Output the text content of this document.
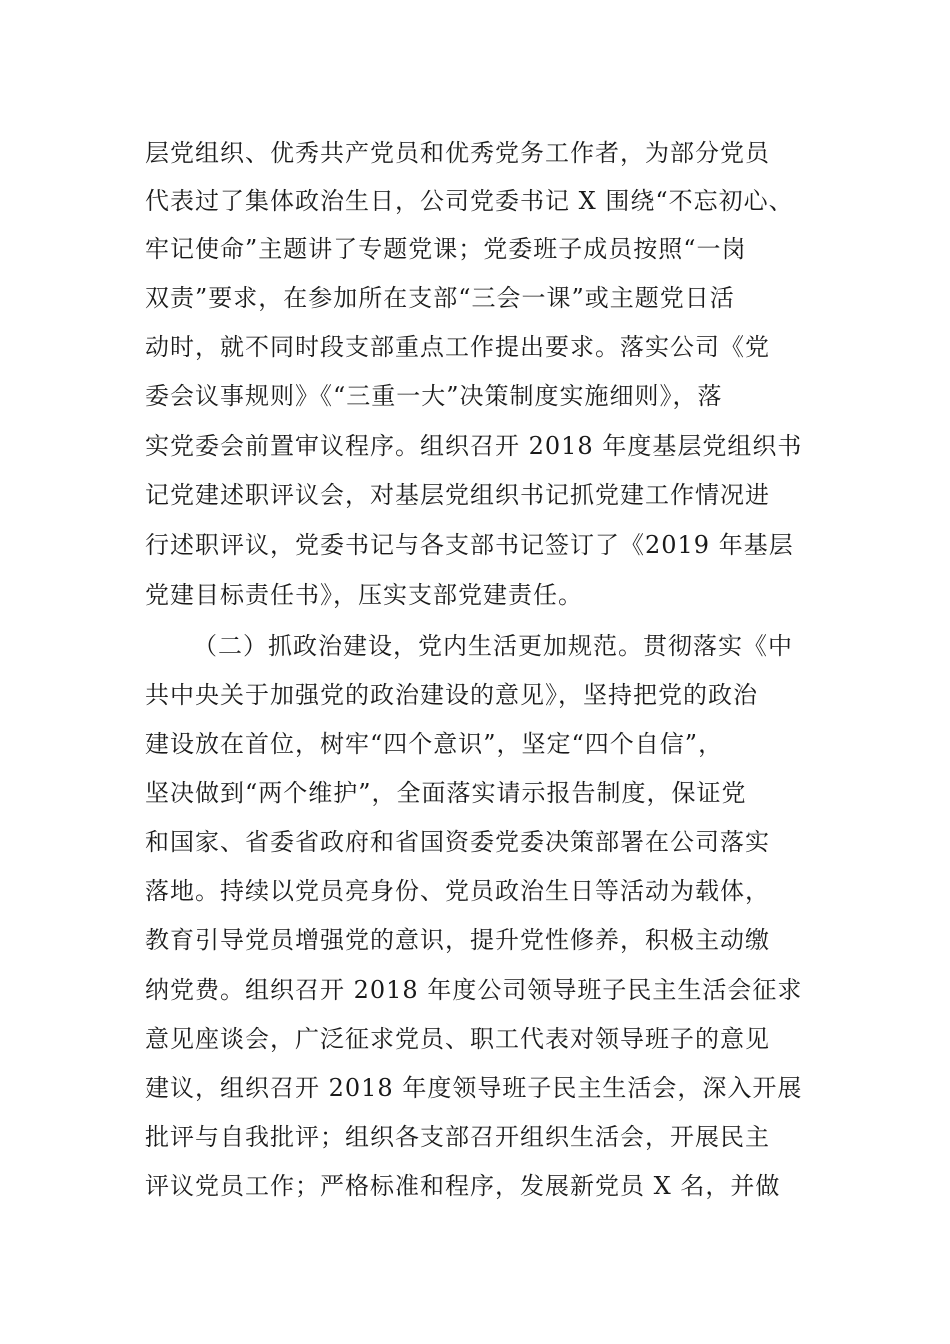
层党组织、优秀共产党员和优秀党务工作者，为部分党员
代表过了集体政治生日，公司党委书记 X 围绕“不忘初心、
牢记使命”主题讲了专题党课；党委班子成员按照“一岗
双责”要求，在参加所在支部“三会一课”或主题党日活
动时，就不同时段支部重点工作提出要求。落实公司《党
委会议事规则》《“三重一大”决策制度实施细则》，落
实党委会前置审议程序。组织召开 2018 年度基层党组织书
记党建述职评议会，对基层党组织书记抓党建工作情况进
行述职评议，党委书记与各支部书记签订了《2019 年基层
党建目标责任书》，压实支部党建责任。
（二）抓政治建设，党内生活更加规范。贯彻落实《中
共中央关于加强党的政治建设的意见》，坚持把党的政治
建设放在首位，树牢“四个意识”，坚定“四个自信”，
坚决做到“两个维护”，全面落实请示报告制度，保证党
和国家、省委省政府和省国资委党委决策部署在公司落实
落地。持续以党员亮身份、党员政治生日等活动为载体，
教育引导党员增强党的意识，提升党性修养，积极主动缴
纳党费。组织召开 2018 年度公司领导班子民主生活会征求
意见座谈会，广泛征求党员、职工代表对领导班子的意见
建议，组织召开 2018 年度领导班子民主生活会，深入开展
批评与自我批评；组织各支部召开组织生活会，开展民主
评议党员工作；严格标准和程序，发展新党员 X 名，并做
